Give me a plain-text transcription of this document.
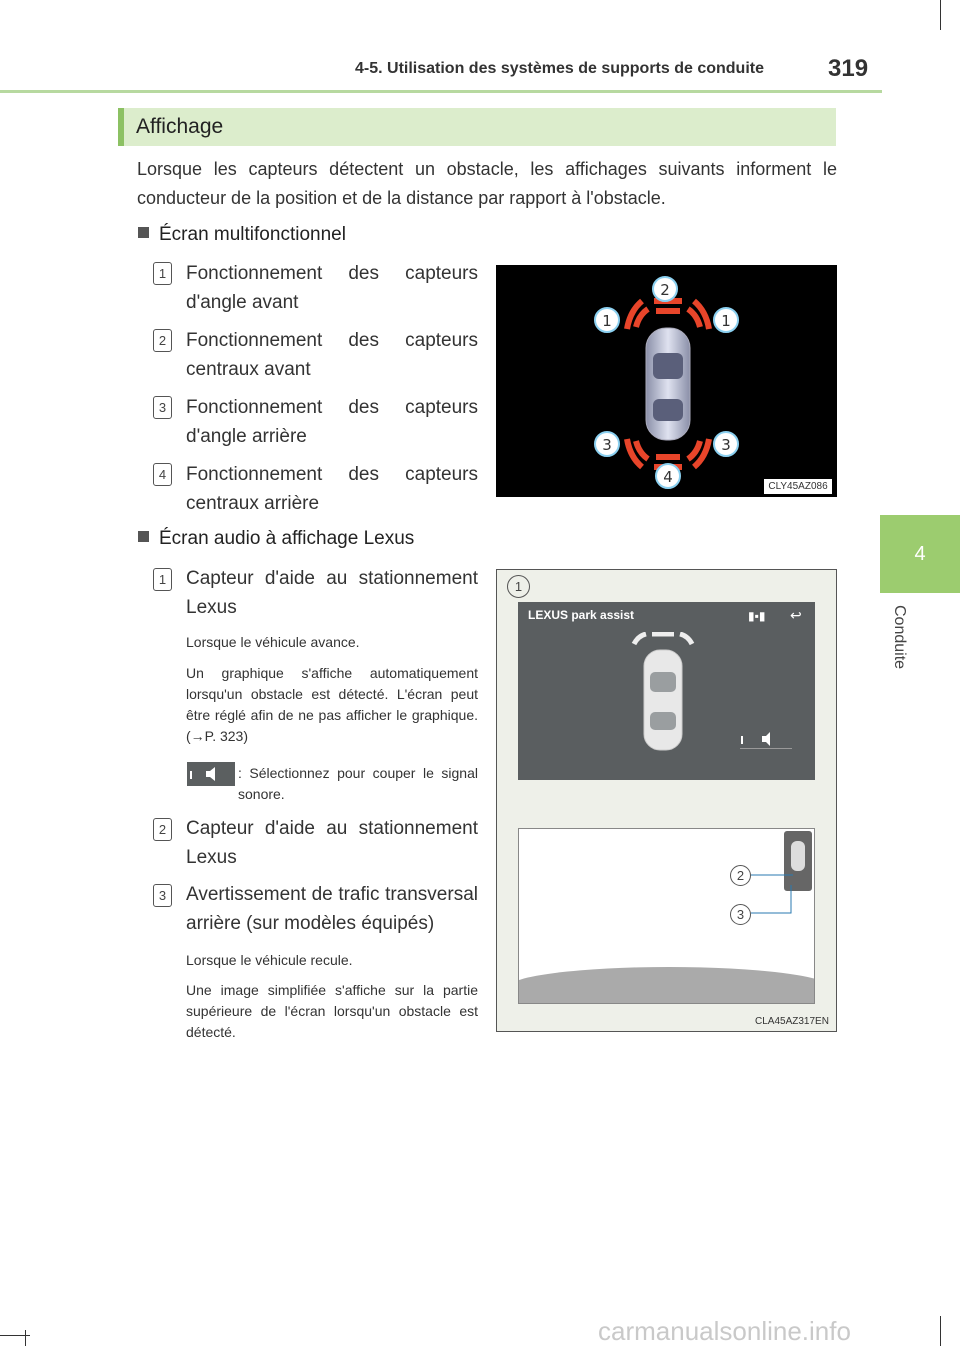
4-5. Utilisation des systèmes de supports de conduite	319
4
Conduite
Affichage
Lorsque les capteurs détectent un obstacle, les affichages suivants informent le conducteur de la position et de la distance par rapport à l'obstacle.
Écran multifonctionnel
1	Fonctionnement des capteurs d'angle avant
2	Fonctionnement des capteurs centraux avant
3	Fonctionnement des capteurs d'angle arrière
4	Fonctionnement des capteurs centraux arrière
2
1	1
3	3
4
CLY45AZ086
Écran audio à affichage Lexus
1	Capteur d'aide au stationnement Lexus
Lorsque le véhicule avance.
Un graphique s'affiche automatiquement lorsqu'un obstacle est détecté. L'écran peut être réglé afin de ne pas afficher le graphique. (→P. 323)
: Sélectionnez pour couper le signal sonore.
2	Capteur d'aide au stationnement Lexus
3	Avertissement de trafic transversal arrière (sur modèles équipés)
Lorsque le véhicule recule.
Une image simplifiée s'affiche sur la partie supérieure de l'écran lorsqu'un obstacle est détecté.
1
LEXUS park assist	▮▪▮ ↩
2
3
CLA45AZ317EN
carmanualsonline.info
